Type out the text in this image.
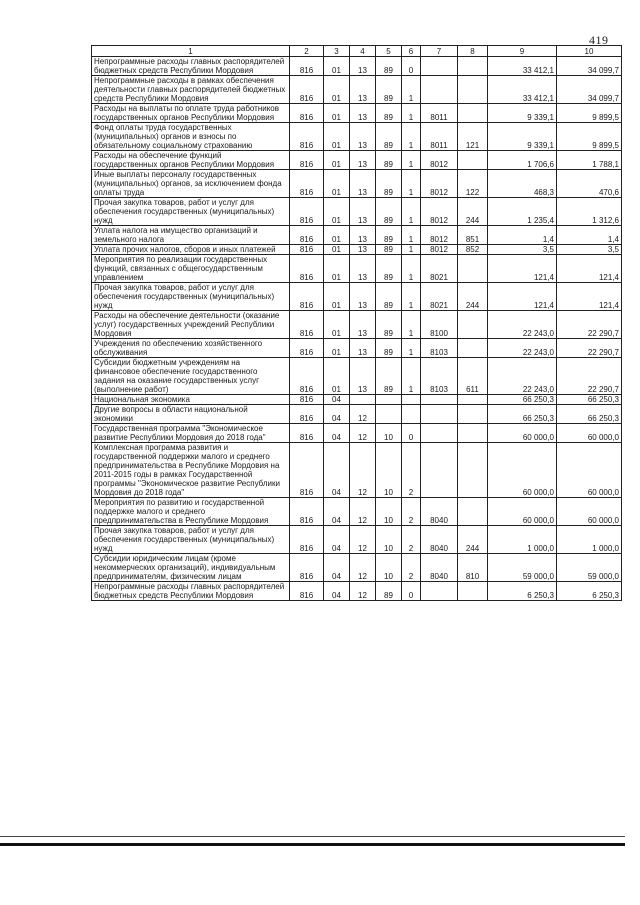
419
1	2	3	4	5	6	7	8	9	10
Непрограммные расходы главных распорядителей бюджетных средств Республики Мордовия	816	01	13	89	0			33 412,1	34 099,7
Непрограммные расходы в рамках обеспечения деятельности главных распорядителей бюджетных средств Республики Мордовия	816	01	13	89	1			33 412,1	34 099,7
Расходы на выплаты по оплате труда работников государственных органов Республики Мордовия	816	01	13	89	1	8011		9 339,1	9 899,5
Фонд оплаты труда государственных (муниципальных) органов и взносы по обязательному социальному страхованию	816	01	13	89	1	8011	121	9 339,1	9 899,5
Расходы на обеспечение функций государственных органов Республики Мордовия	816	01	13	89	1	8012		1 706,6	1 788,1
Иные выплаты персоналу государственных (муниципальных) органов, за исключением фонда оплаты труда	816	01	13	89	1	8012	122	468,3	470,6
Прочая закупка товаров, работ и услуг для обеспечения государственных (муниципальных) нужд	816	01	13	89	1	8012	244	1 235,4	1 312,6
Уплата налога на имущество организаций и земельного налога	816	01	13	89	1	8012	851	1,4	1,4
Уплата прочих налогов, сборов и иных платежей	816	01	13	89	1	8012	852	3,5	3,5
Мероприятия по реализации государственных функций, связанных с общегосударственным управлением	816	01	13	89	1	8021		121,4	121,4
Прочая закупка товаров, работ и услуг для обеспечения государственных (муниципальных) нужд	816	01	13	89	1	8021	244	121,4	121,4
Расходы на обеспечение деятельности (оказание услуг) государственных учреждений Республики Мордовия	816	01	13	89	1	8100		22 243,0	22 290,7
Учреждения по обеспечению хозяйственного обслуживания	816	01	13	89	1	8103		22 243,0	22 290,7
Субсидии бюджетным учреждениям на финансовое обеспечение государственного задания на оказание государственных услуг (выполнение работ)	816	01	13	89	1	8103	611	22 243,0	22 290,7
Национальная экономика	816	04						66 250,3	66 250,3
Другие вопросы в области национальной экономики	816	04	12					66 250,3	66 250,3
Государственная программа "Экономическое развитие Республики Мордовия до 2018 года"	816	04	12	10	0			60 000,0	60 000,0
Комплексная программа развития и государственной поддержки малого и среднего предпринимательства в Республике Мордовия на 2011-2015 годы в рамках Государственной программы "Экономическое развитие Республики Мордовия до 2018 года"	816	04	12	10	2			60 000,0	60 000,0
Мероприятия по развитию и государственной поддержке малого и среднего предпринимательства в Республике Мордовия	816	04	12	10	2	8040		60 000,0	60 000,0
Прочая закупка товаров, работ и услуг для обеспечения государственных (муниципальных) нужд	816	04	12	10	2	8040	244	1 000,0	1 000,0
Субсидии юридическим лицам (кроме некоммерческих организаций), индивидуальным предпринимателям, физическим лицам	816	04	12	10	2	8040	810	59 000,0	59 000,0
Непрограммные расходы главных распорядителей бюджетных средств Республики Мордовия	816	04	12	89	0			6 250,3	6 250,3
